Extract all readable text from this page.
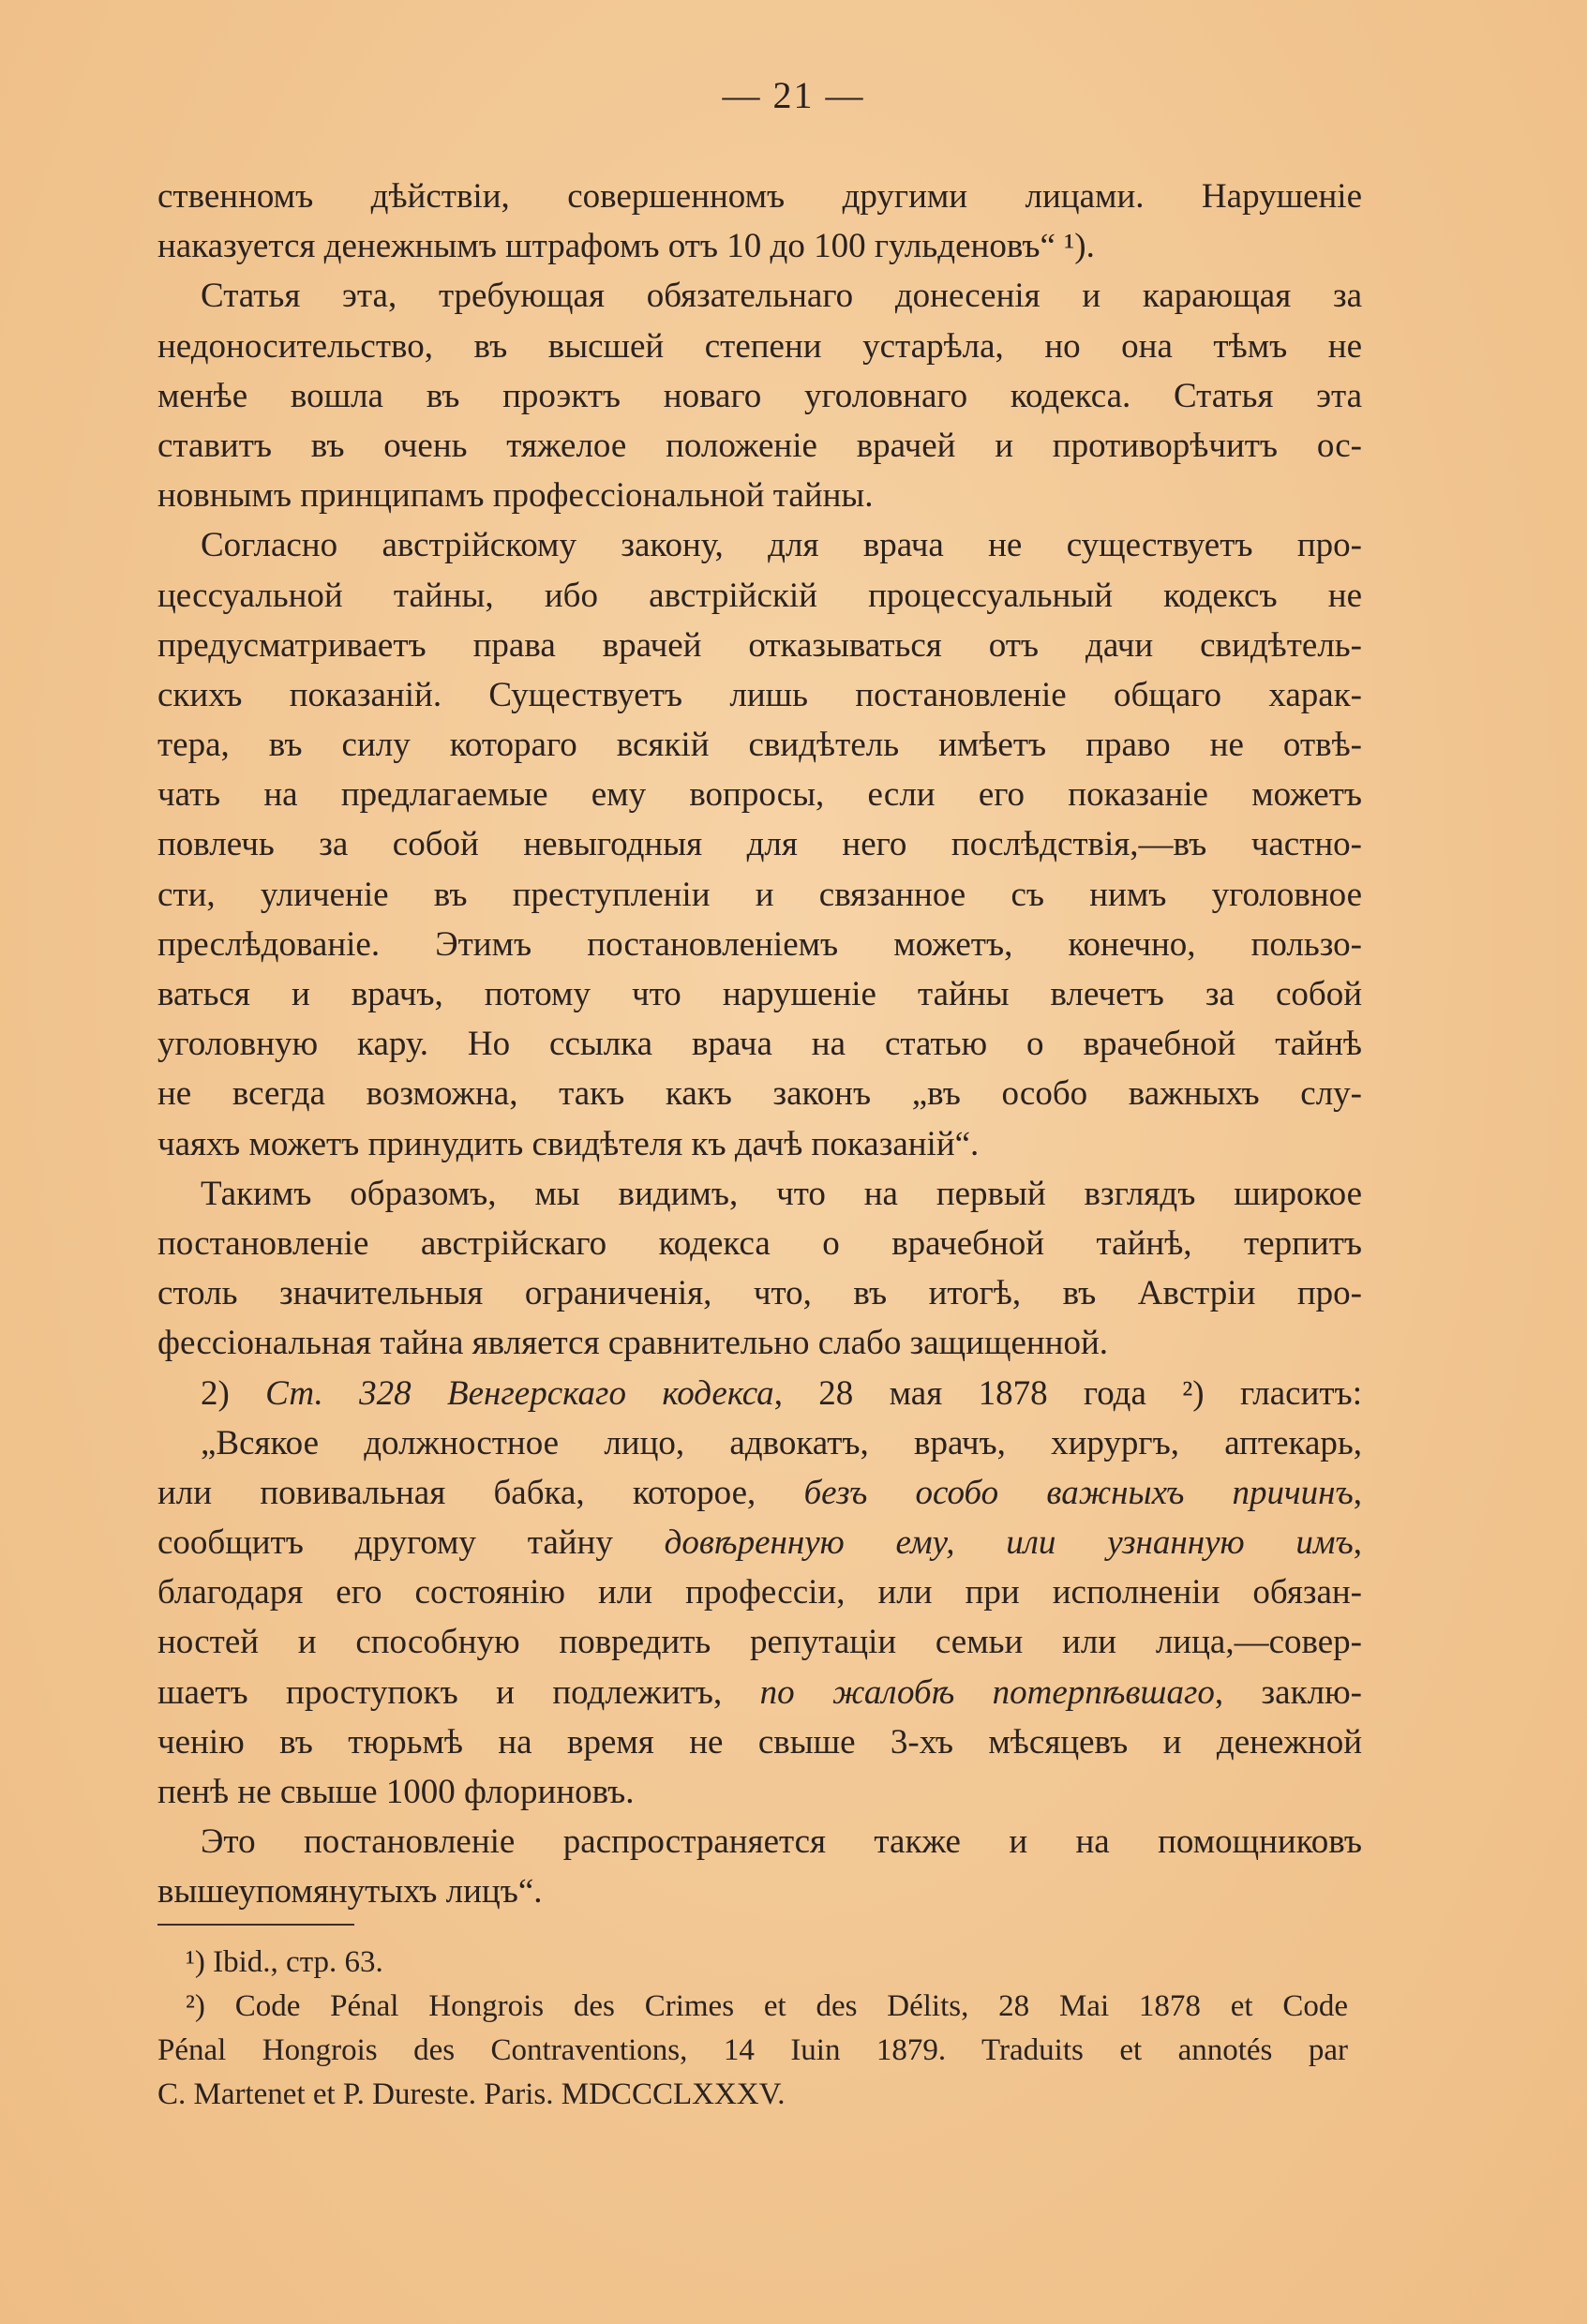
— 21 —
ственномъ дѣйствіи, совершенномъ другими лицами. Нарушеніе
наказуется денежнымъ штрафомъ отъ 10 до 100 гульденовъ“ ¹).
Статья эта, требующая обязательнаго донесенія и карающая за
недоносительство, въ высшей степени устарѣла, но она тѣмъ не
менѣе вошла въ проэктъ новаго уголовнаго кодекса. Статья эта
ставитъ въ очень тяжелое положеніе врачей и противорѣчитъ ос-
новнымъ принципамъ профессіональной тайны.
Согласно австрійскому закону, для врача не существуетъ про-
цессуальной тайны, ибо австрійскій процессуальный кодексъ не
предусматриваетъ права врачей отказываться отъ дачи свидѣтель-
скихъ показаній. Существуетъ лишь постановленіе общаго харак-
тера, въ силу котораго всякій свидѣтель имѣетъ право не отвѣ-
чать на предлагаемые ему вопросы, если его показаніе можетъ
повлечь за собой невыгодныя для него послѣдствія,—въ частно-
сти, уличеніе въ преступленіи и связанное съ нимъ уголовное
преслѣдованіе. Этимъ постановленіемъ можетъ, конечно, пользо-
ваться и врачъ, потому что нарушеніе тайны влечетъ за собой
уголовную кару. Но ссылка врача на статью о врачебной тайнѣ
не всегда возможна, такъ какъ законъ „въ особо важныхъ слу-
чаяхъ можетъ принудить свидѣтеля къ дачѣ показаній“.
Такимъ образомъ, мы видимъ, что на первый взглядъ широкое
постановленіе австрійскаго кодекса о врачебной тайнѣ, терпитъ
столь значительныя ограниченія, что, въ итогѣ, въ Австріи про-
фессіональная тайна является сравнительно слабо защищенной.
2) Ст. 328 Венгерскаго кодекса, 28 мая 1878 года ²) гласитъ:
„Всякое должностное лицо, адвокатъ, врачъ, хирургъ, аптекарь,
или повивальная бабка, которое, безъ особо важныхъ причинъ,
сообщитъ другому тайну довѣренную ему, или узнанную имъ,
благодаря его состоянію или профессіи, или при исполненіи обязан-
ностей и способную повредить репутаціи семьи или лица,—совер-
шаетъ проступокъ и подлежитъ, по жалобѣ потерпѣвшаго, заклю-
ченію въ тюрьмѣ на время не свыше 3-хъ мѣсяцевъ и денежной
пенѣ не свыше 1000 флориновъ.
Это постановленіе распространяется также и на помощниковъ
вышеупомянутыхъ лицъ“.
¹) Ibid., стр. 63.
²) Code Pénal Hongrois des Crimes et des Délits, 28 Mai 1878 et Code
Pénal Hongrois des Contraventions, 14 Iuin 1879. Traduits et annotés par
C. Martenet et P. Dureste. Paris. MDCCCLXXXV.
